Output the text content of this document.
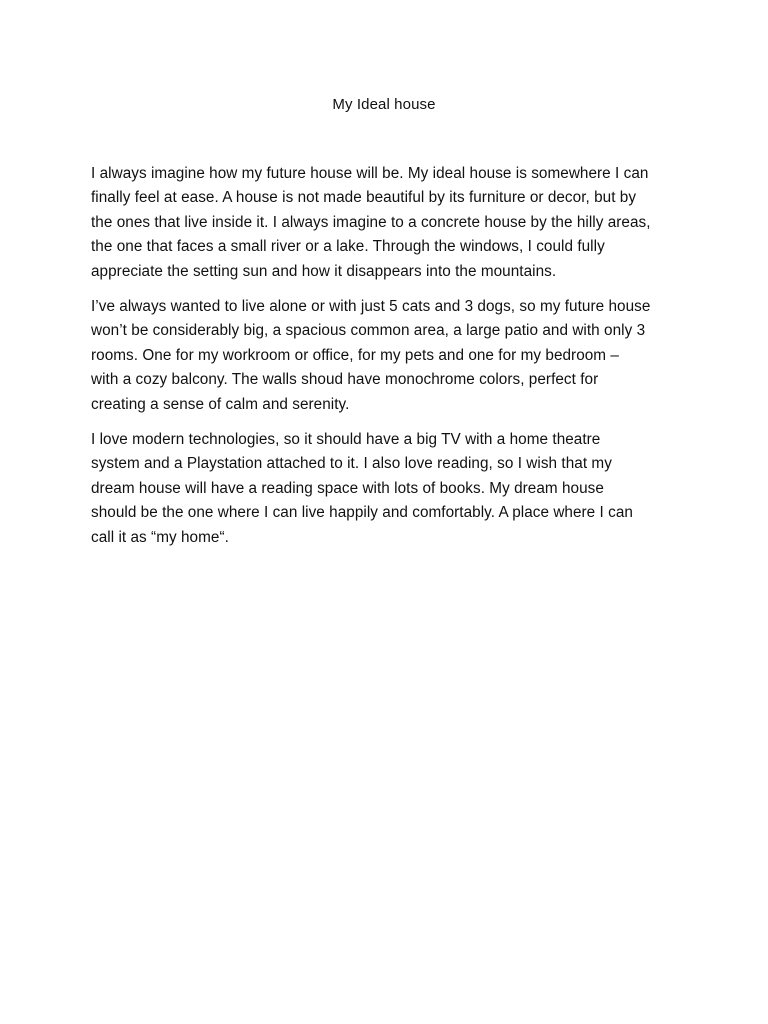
My Ideal house

I always imagine how my future house will be. My ideal house is somewhere I can
finally feel at ease. A house is not made beautiful by its furniture or decor, but by
the ones that live inside it. I always imagine to a concrete house by the hilly areas,
the one that faces a small river or a lake. Through the windows, I could fully
appreciate the setting sun and how it disappears into the mountains.

I’ve always wanted to live alone or with just 5 cats and 3 dogs, so my future house
won’t be considerably big, a spacious common area, a large patio and with only 3
rooms. One for my workroom or office, for my pets and one for my bedroom –
with a cozy balcony. The walls shoud have monochrome colors, perfect for
creating a sense of calm and serenity.

I love modern technologies, so it should have a big TV with a home theatre
system and a Playstation attached to it. I also love reading, so I wish that my
dream house will have a reading space with lots of books. My dream house
should be the one where I can live happily and comfortably. A place where I can
call it as “my home“.
